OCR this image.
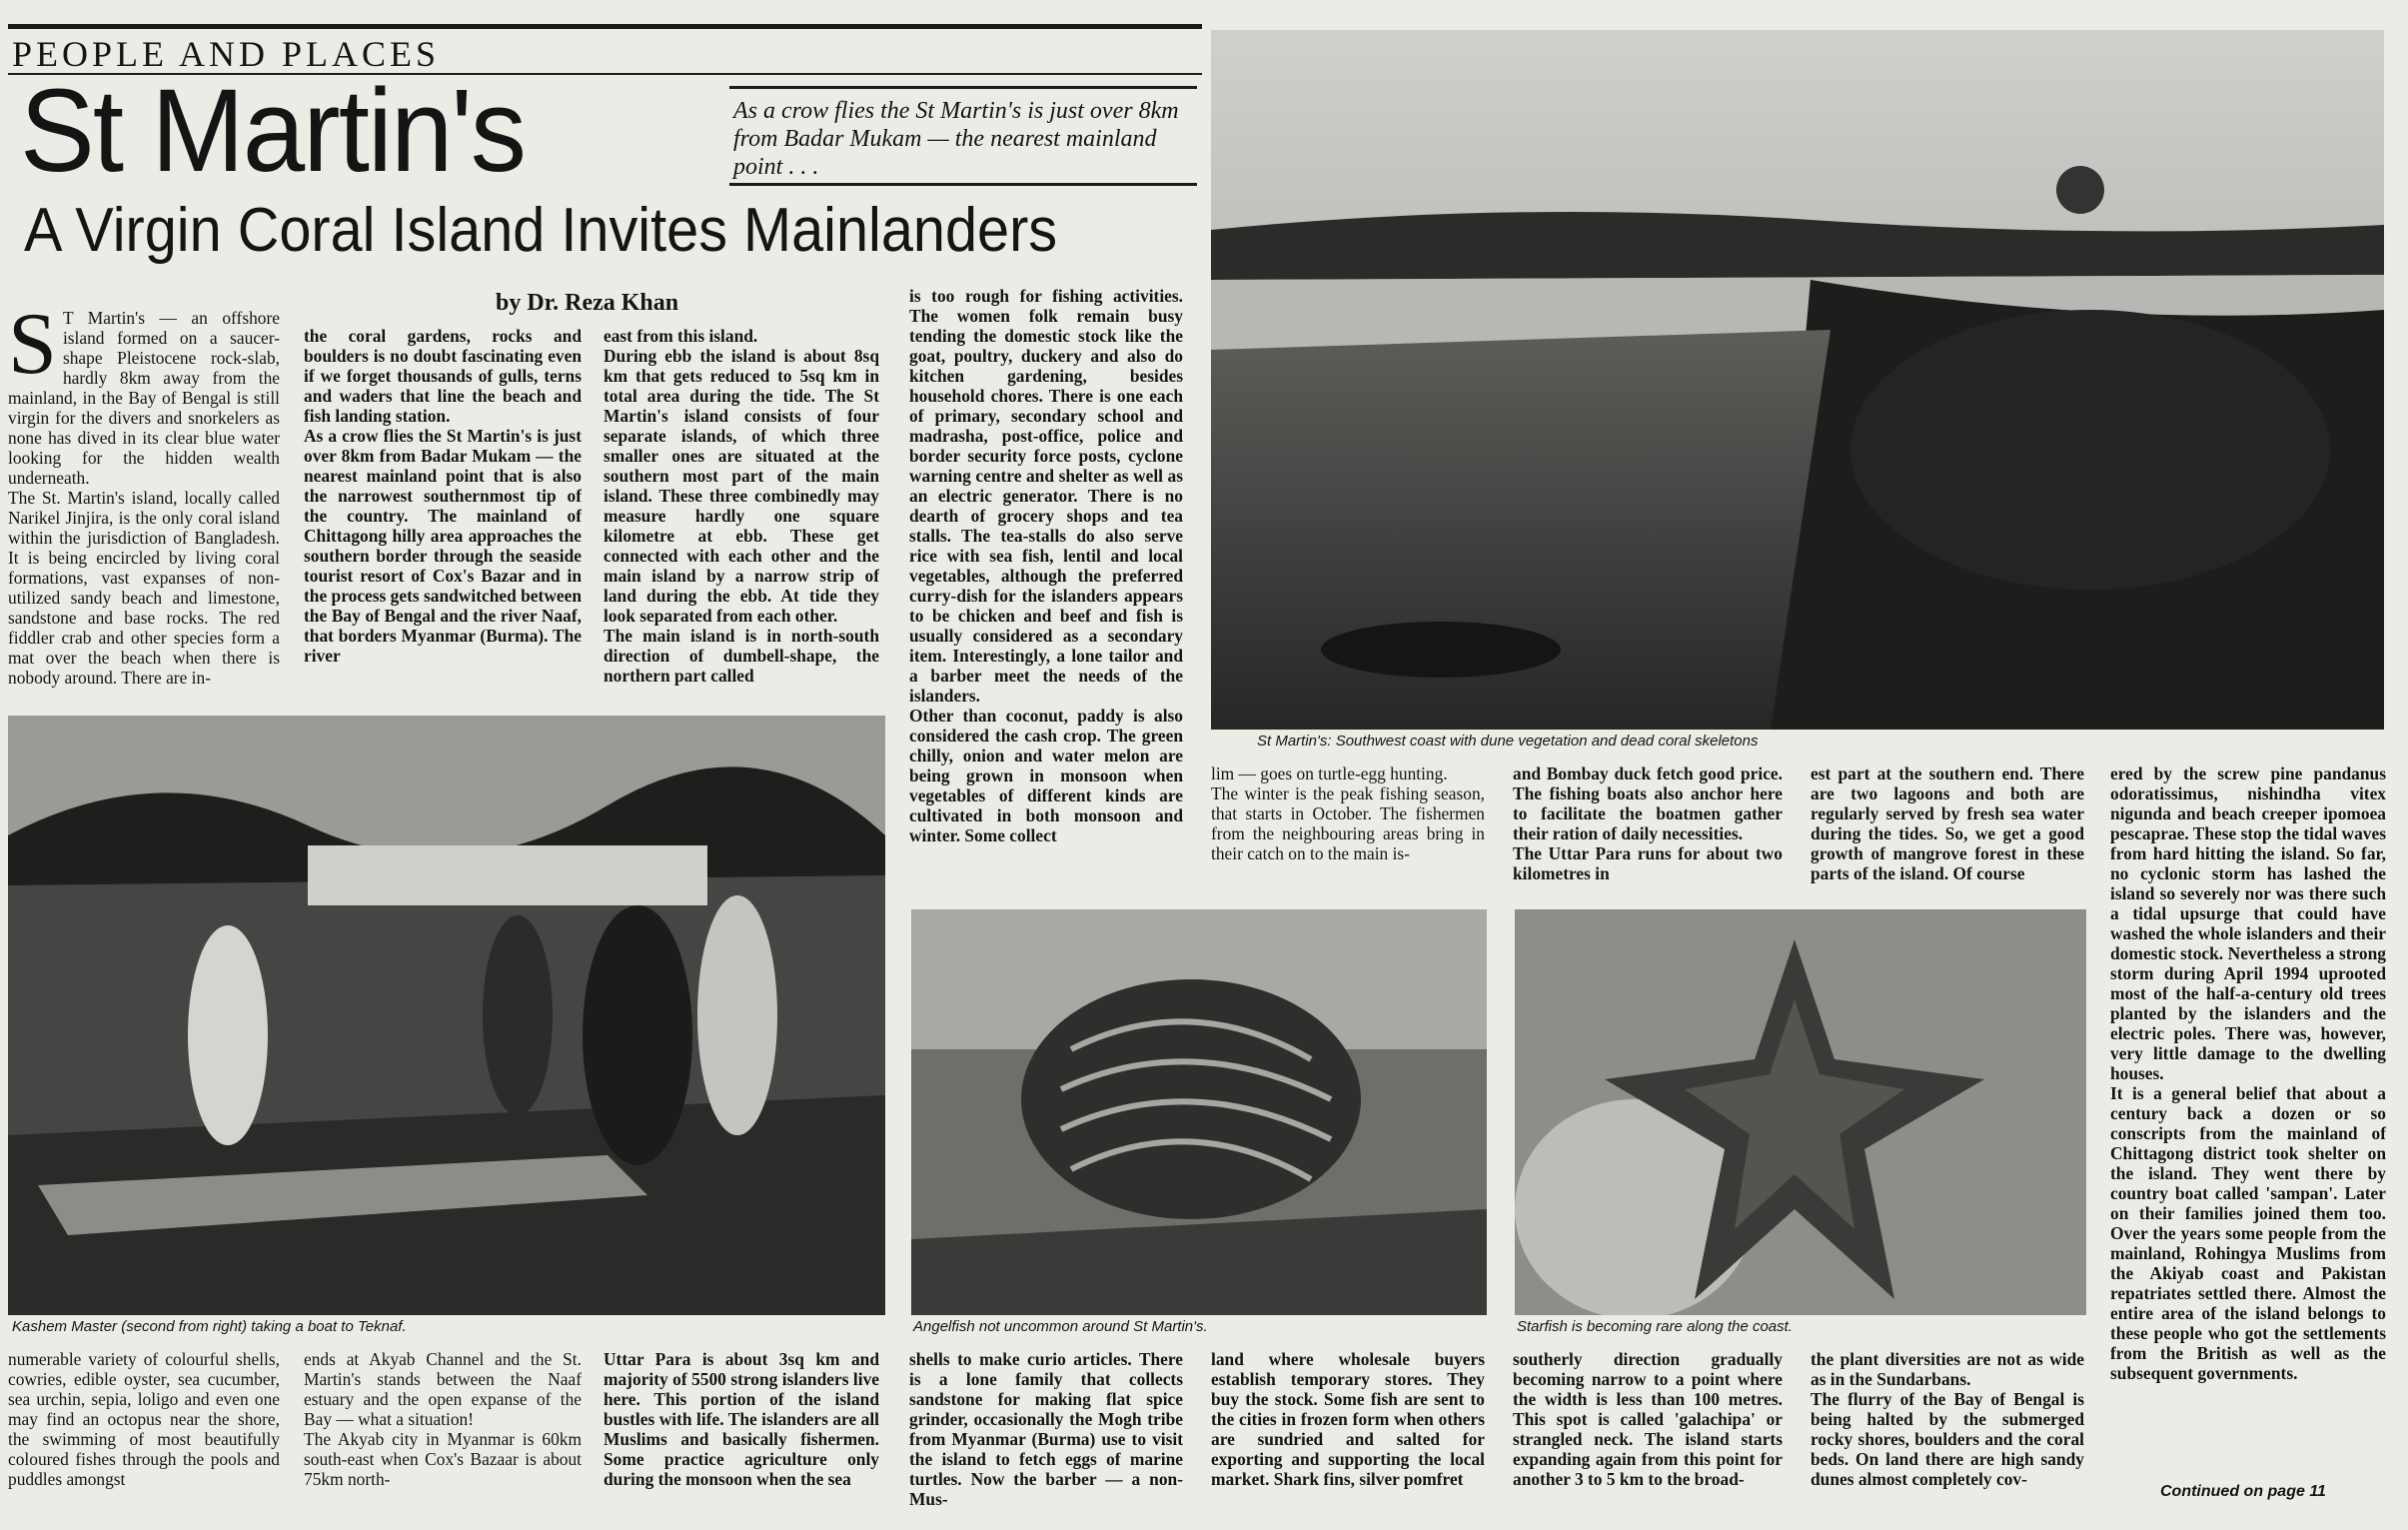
PEOPLE AND PLACES
St Martin's	As a crow flies the St Martin's is just over 8km from Badar Mukam — the nearest mainland point . . .
A Virgin Coral Island Invites Mainlanders
by Dr. Reza Khan

S T Martin's — an offshore island formed on a saucer-shape Pleistocene rock-slab, hardly 8km away from the mainland, in the Bay of Bengal is still virgin for the divers and snorkelers as none has dived in its clear blue water looking for the hidden wealth underneath.
The St. Martin's island, locally called Narikel Jinjira, is the only coral island within the jurisdiction of Bangladesh. It is being encircled by living coral formations, vast expanses of non-utilized sandy beach and limestone, sandstone and base rocks. The red fiddler crab and other species form a mat over the beach when there is nobody around. There are in-

the coral gardens, rocks and boulders is no doubt fascinating even if we forget thousands of gulls, terns and waders that line the beach and fish landing station.
As a crow flies the St Martin's is just over 8km from Badar Mukam — the nearest mainland point that is also the narrowest southernmost tip of the country. The mainland of Chittagong hilly area approaches the southern border through the seaside tourist resort of Cox's Bazar and in the process gets sandwitched between the Bay of Bengal and the river Naaf, that borders Myanmar (Burma). The river
east from this island.
During ebb the island is about 8sq km that gets reduced to 5sq km in total area during the tide. The St Martin's island consists of four separate islands, of which three smaller ones are situated at the southern most part of the main island. These three combinedly may measure hardly one square kilometre at ebb. These get connected with each other and the main island by a narrow strip of land during the ebb. At tide they look separated from each other.
The main island is in north-south direction of dumbell-shape, the northern part called
is too rough for fishing activities. The women folk remain busy tending the domestic stock like the goat, poultry, duckery and also do kitchen gardening, besides household chores. There is one each of primary, secondary school and madrasha, post-office, police and border security force posts, cyclone warning centre and shelter as well as an electric generator. There is no dearth of grocery shops and tea stalls. The tea-stalls do also serve rice with sea fish, lentil and local vegetables, although the preferred curry-dish for the islanders appears to be chicken and beef and fish is usually considered as a secondary item. Interestingly, a lone tailor and a barber meet the needs of the islanders.
Other than coconut, paddy is also considered the cash crop. The green chilly, onion and water melon are being grown in monsoon when vegetables of different kinds are cultivated in both monsoon and winter. Some collect
St Martin's: Southwest coast with dune vegetation and dead coral skeletons
lim — goes on turtle-egg hunting.
The winter is the peak fishing season, that starts in October. The fishermen from the neighbouring areas bring in their catch on to the main is-
and Bombay duck fetch good price. The fishing boats also anchor here to facilitate the boatmen gather their ration of daily necessities.
The Uttar Para runs for about two kilometres in
est part at the southern end. There are two lagoons and both are regularly served by fresh sea water during the tides. So, we get a good growth of mangrove forest in these parts of the island. Of course
ered by the screw pine pandanus odoratissimus, nishindha vitex nigunda and beach creeper ipomoea pescaprae. These stop the tidal waves from hard hitting the island. So far, no cyclonic storm has lashed the island so severely nor was there such a tidal upsurge that could have washed the whole islanders and their domestic stock. Nevertheless a strong storm during April 1994 uprooted most of the half-a-century old trees planted by the islanders and the electric poles. There was, however, very little damage to the dwelling houses.
It is a general belief that about a century back a dozen or so conscripts from the mainland of Chittagong district took shelter on the island. They went there by country boat called 'sampan'. Later on their families joined them too. Over the years some people from the mainland, Rohingya Muslims from the Akiyab coast and Pakistan repatriates settled there. Almost the entire area of the island belongs to these people who got the settlements from the British as well as the subsequent governments.
Kashem Master (second from right) taking a boat to Teknaf.	Angelfish not uncommon around St Martin's.	Starfish is becoming rare along the coast.
numerable variety of colourful shells, cowries, edible oyster, sea cucumber, sea urchin, sepia, loligo and even one may find an octopus near the shore, the swimming of most beautifully coloured fishes through the pools and puddles amongst
ends at Akyab Channel and the St. Martin's stands between the Naaf estuary and the open expanse of the Bay — what a situation!
The Akyab city in Myanmar is 60km south-east when Cox's Bazaar is about 75km north-
Uttar Para is about 3sq km and majority of 5500 strong islanders live here. This portion of the island bustles with life. The islanders are all Muslims and basically fishermen. Some practice agriculture only during the monsoon when the sea
shells to make curio articles. There is a lone family that collects sandstone for making flat spice grinder, occasionally the Mogh tribe from Myanmar (Burma) use to visit the island to fetch eggs of marine turtles. Now the barber — a non-Mus-
land where wholesale buyers establish temporary stores. They buy the stock. Some fish are sent to the cities in frozen form when others are sundried and salted for exporting and supporting the local market. Shark fins, silver pomfret
southerly direction gradually becoming narrow to a point where the width is less than 100 metres. This spot is called 'galachipa' or strangled neck. The island starts expanding again from this point for another 3 to 5 km to the broad-
the plant diversities are not as wide as in the Sundarbans.
The flurry of the Bay of Bengal is being halted by the submerged rocky shores, boulders and the coral beds. On land there are high sandy dunes almost completely cov-
Continued on page 11
